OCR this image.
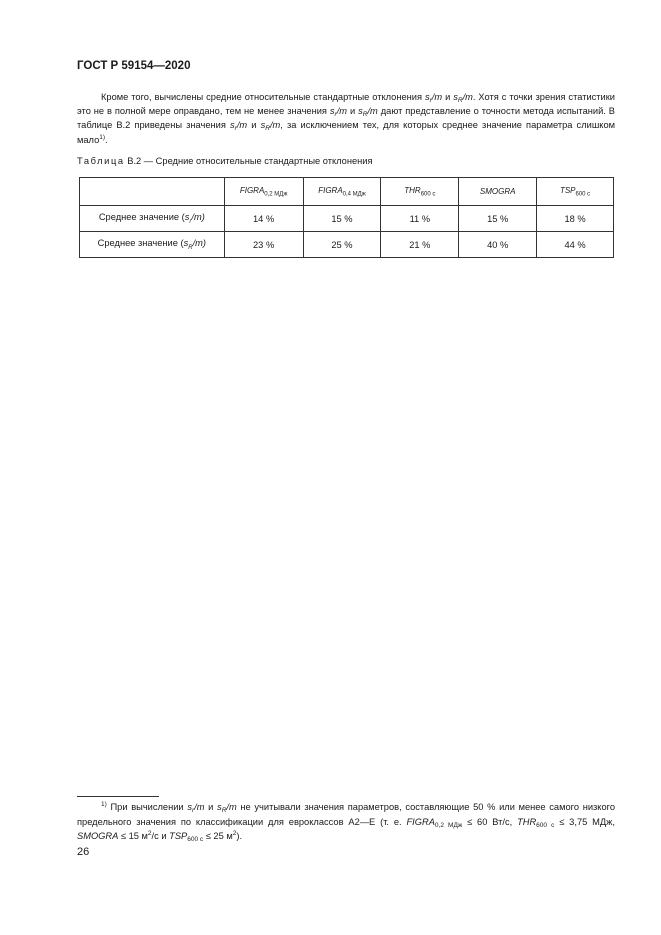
ГОСТ Р 59154—2020
Кроме того, вычислены средние относительные стандартные отклонения $s_r/m$ и $s_R/m$. Хотя с точки зрения статистики это не в полной мере оправдано, тем не менее значения $s_r/m$ и $s_R/m$ дают представление о точности метода испытаний. В таблице В.2 приведены значения $s_r/m$ и $s_R/m$, за исключением тех, для которых среднее значение параметра слишком мало$^{1)}$.
Таблица В.2 — Средние относительные стандартные отклонения
	$FIGRA_{0,2 МДж}$	$FIGRA_{0,4 МДж}$	$THR_{600 с}$	SMOGRA	$TSP_{600 с}$
Среднее значение $(s_r/m)$	14 %	15 %	11 %	15 %	18 %
Среднее значение $(s_R/m)$	23 %	25 %	21 %	40 %	44 %
$^{1)}$ При вычислении $s_r/m$ и $s_R/m$ не учитывали значения параметров, составляющие 50 % или менее самого низкого предельного значения по классификации для евроклассов А2—Е (т. е. $FIGRA_{0,2 МДж} \le 60$ Вт/с, $THR_{600 с} \le 3,75$ МДж, SMOGRA ≤ 15 $м^2/с$ и $TSP_{600 с} \le 25$ $м^2$).
26
